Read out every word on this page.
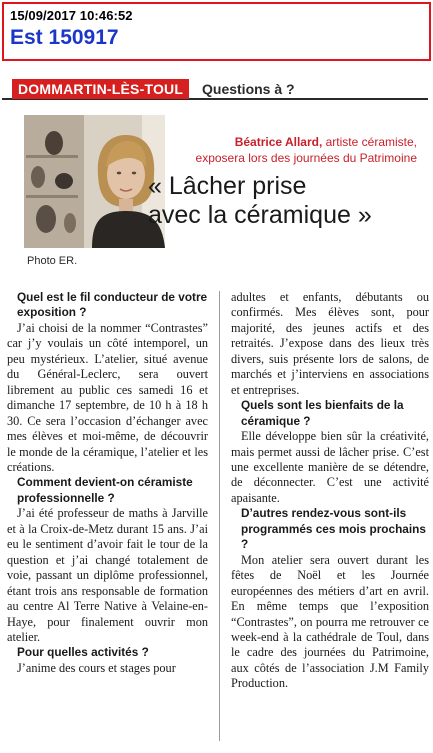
15/09/2017 10:46:52
Est 150917
DOMMARTIN-LÈS-TOUL	Questions à ?
Photo ER.
Béatrice Allard, artiste céramiste,
exposera lors des journées du Patrimoine
« Lâcher prise
avec la céramique »

Quel est le fil conducteur de votre exposition ?

J’ai choisi de la nommer “Contrastes” car j’y voulais un côté intemporel, un peu mystérieux. L’atelier, situé avenue du Général-Leclerc, sera ouvert librement au public ces samedi 16 et dimanche 17 septembre, de 10 h à 18 h 30. Ce sera l’occasion d’échanger avec mes élèves et moi-même, de découvrir le monde de la céramique, l’atelier et les créations.

Comment devient-on céramiste professionnelle ?

J’ai été professeur de maths à Jarville et à la Croix-de-Metz durant 15 ans. J’ai eu le sentiment d’avoir fait le tour de la question et j’ai changé totalement de voie, passant un diplôme professionnel, étant trois ans responsable de formation au centre Al Terre Native à Velaine-en-Haye, pour finalement ouvrir mon atelier.

Pour quelles activités ?

J’anime des cours et stages pour

adultes et enfants, débutants ou confirmés. Mes élèves sont, pour majorité, des jeunes actifs et des retraités. J’expose dans des lieux très divers, suis présente lors de salons, de marchés et j’interviens en associations et entreprises.

Quels sont les bienfaits de la céramique ?

Elle développe bien sûr la créativité, mais permet aussi de lâcher prise. C’est une excellente manière de se détendre, de déconnecter. C’est une activité apaisante.

D’autres rendez-vous sont-ils programmés ces mois prochains ?

Mon atelier sera ouvert durant les fêtes de Noël et les Journée européennes des métiers d’art en avril. En même temps que l’exposition “Contrastes”, on pourra me retrouver ce week-end à la cathédrale de Toul, dans le cadre des journées du Patrimoine, aux côtés de l’association J.M Family Production.
